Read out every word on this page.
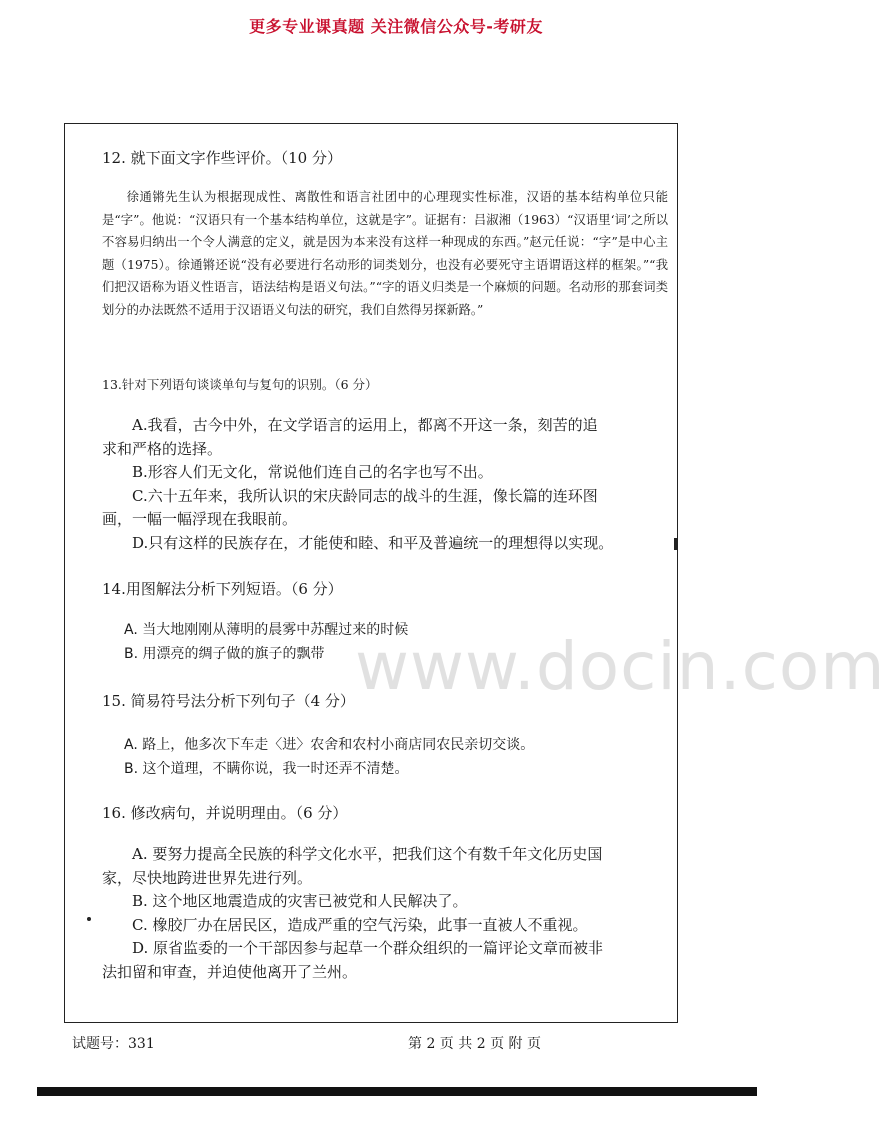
更多专业课真题 关注微信公众号-考研友
12. 就下面文字作些评价。（10 分）

徐通锵先生认为根据现成性、离散性和语言社团中的心理现实性标准，汉语的基本结构单位只能是“字”。他说：“汉语只有一个基本结构单位，这就是字”。证据有：吕淑湘（1963）“汉语里‘词’之所以不容易归纳出一个令人满意的定义，就是因为本来没有这样一种现成的东西。”赵元任说：“字”是中心主题（1975）。徐通锵还说“没有必要进行名动形的词类划分，也没有必要死守主语谓语这样的框架。”“我们把汉语称为语义性语言，语法结构是语义句法。”“字的语义归类是一个麻烦的问题。名动形的那套词类划分的办法既然不适用于汉语语义句法的研究，我们自然得另探新路。”

13.针对下列语句谈谈单句与复句的识别。（6 分）
A.我看，古今中外，在文学语言的运用上，都离不开这一条，刻苦的追
求和严格的选择。
B.形容人们无文化，常说他们连自己的名字也写不出。
C.六十五年来，我所认识的宋庆龄同志的战斗的生涯，像长篇的连环图
画，一幅一幅浮现在我眼前。
D.只有这样的民族存在，才能使和睦、和平及普遍统一的理想得以实现。
14.用图解法分析下列短语。（6 分）
A. 当大地刚刚从薄明的晨雾中苏醒过来的时候
B. 用漂亮的绸子做的旗子的飘带
15. 简易符号法分析下列句子（4 分）
A. 路上，他多次下车走〈进〉农舍和农村小商店同农民亲切交谈。
B. 这个道理，不瞒你说，我一时还弄不清楚。
16. 修改病句，并说明理由。（6 分）
A. 要努力提高全民族的科学文化水平，把我们这个有数千年文化历史国
家，尽快地跨进世界先进行列。
B. 这个地区地震造成的灾害已被党和人民解决了。
C. 橡胶厂办在居民区，造成严重的空气污染，此事一直被人不重视。
D. 原省监委的一个干部因参与起草一个群众组织的一篇评论文章而被非
法扣留和审查，并迫使他离开了兰州。
www.docin.com
试题号：331	第 2 页 共 2 页 附 页
